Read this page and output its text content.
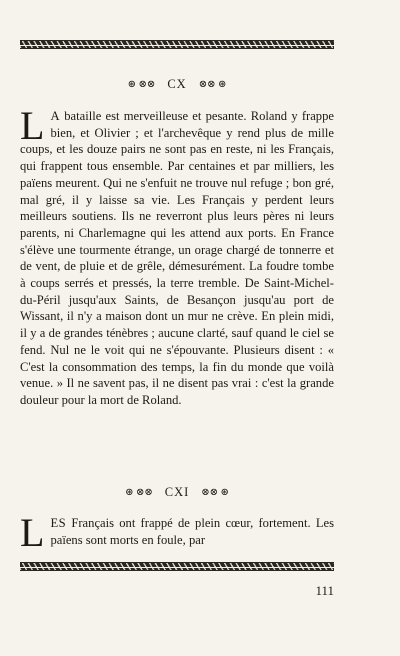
⊛ ⊗⊗ CX ⊗⊗ ⊛

L A bataille est merveilleuse et pesante. Roland y frappe bien, et Olivier ; et l'archevêque y rend plus de mille coups, et les douze pairs ne sont pas en reste, ni les Français, qui frappent tous ensemble. Par centaines et par milliers, les païens meurent. Qui ne s'enfuit ne trouve nul refuge ; bon gré, mal gré, il y laisse sa vie. Les Français y perdent leurs meilleurs soutiens. Ils ne reverront plus leurs pères ni leurs parents, ni Charlemagne qui les attend aux ports. En France s'élève une tourmente étrange, un orage chargé de tonnerre et de vent, de pluie et de grêle, démesurément. La foudre tombe à coups serrés et pressés, la terre tremble. De Saint-Michel-du-Péril jusqu'aux Saints, de Besançon jusqu'au port de Wissant, il n'y a maison dont un mur ne crève. En plein midi, il y a de grandes ténèbres ; aucune clarté, sauf quand le ciel se fend. Nul ne le voit qui ne s'épouvante. Plusieurs disent : « C'est la consommation des temps, la fin du monde que voilà venue. » Il ne savent pas, il ne disent pas vrai : c'est la grande douleur pour la mort de Roland.

⊛ ⊗⊗ CXI ⊗⊗ ⊛

LES Français ont frappé de plein cœur, fortement. Les païens sont morts en foule, par

111
